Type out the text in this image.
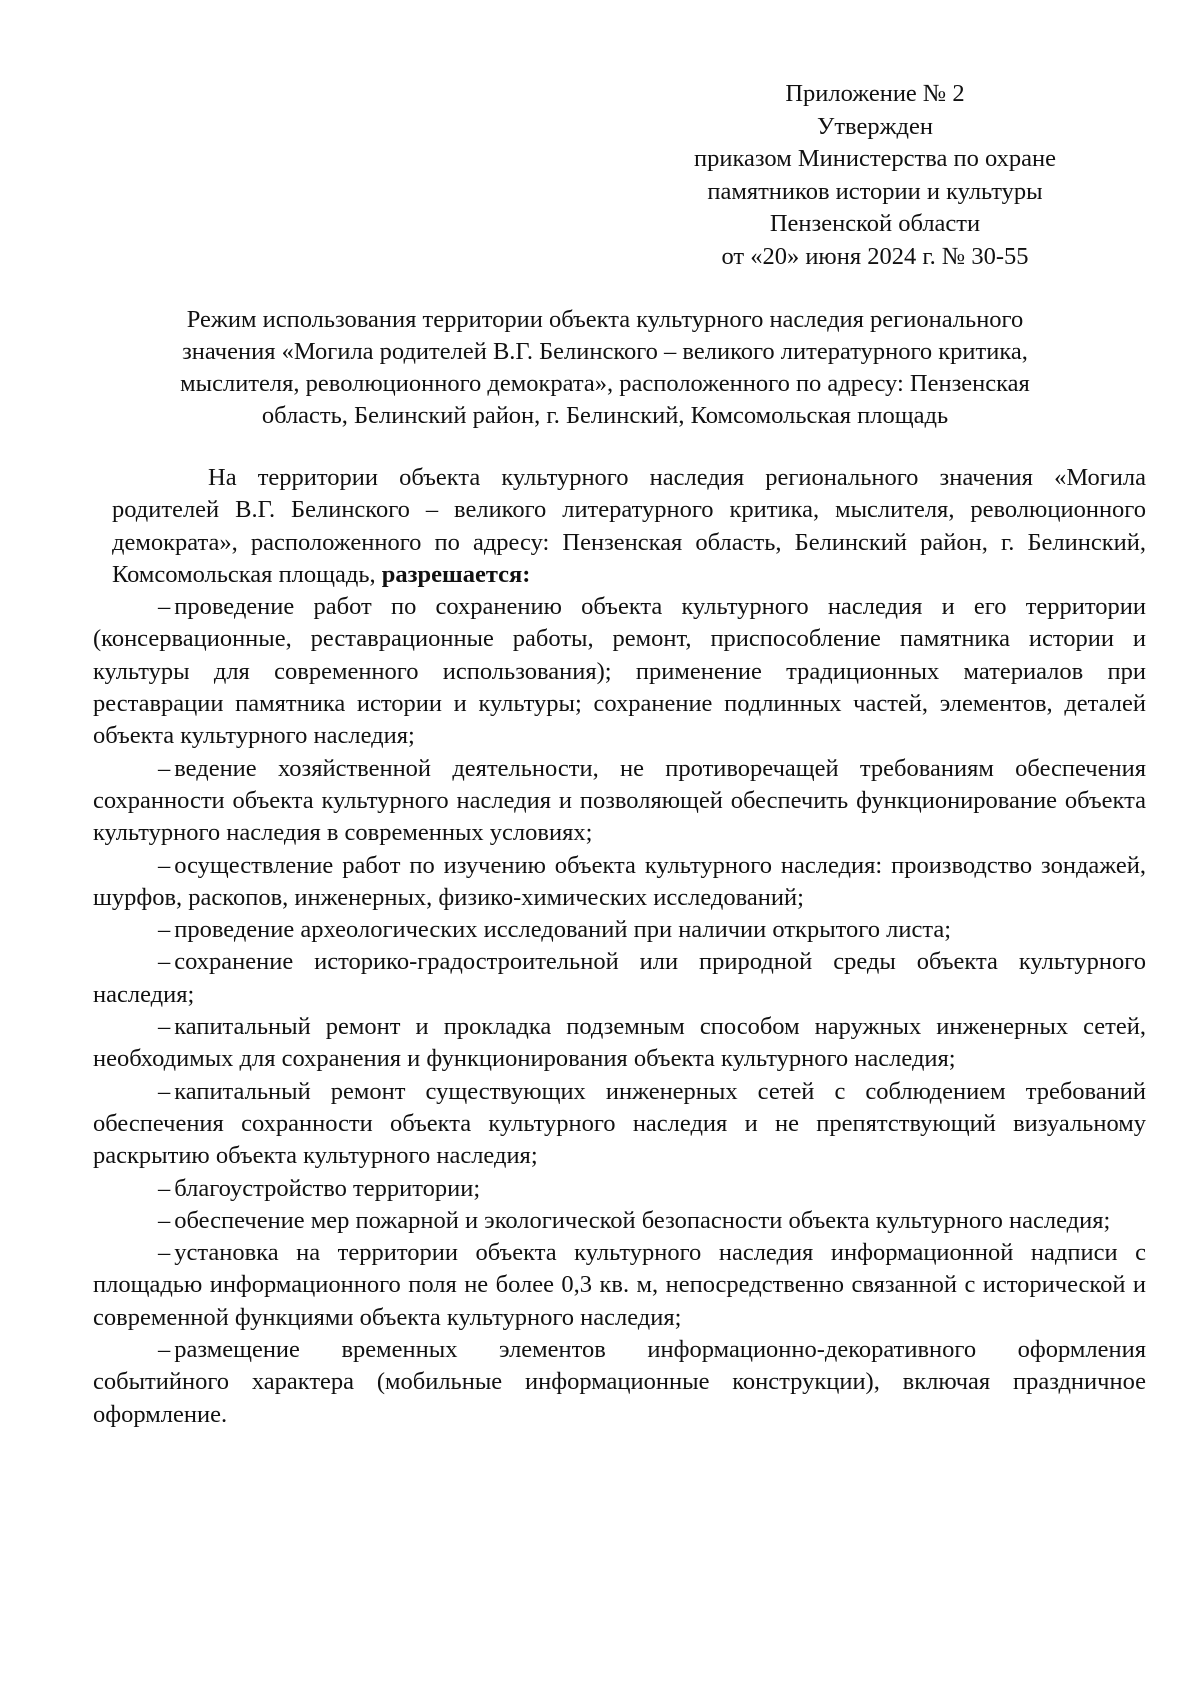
Приложение № 2
Утвержден
приказом Министерства по охране
памятников истории и культуры
Пензенской области
от «20» июня 2024 г. № 30-55
Режим использования территории объекта культурного наследия регионального
значения «Могила родителей В.Г. Белинского – великого литературного критика,
мыслителя, революционного демократа», расположенного по адресу: Пензенская
область, Белинский район, г. Белинский, Комсомольская площадь

На территории объекта культурного наследия регионального значения «Могила родителей В.Г. Белинского – великого литературного критика, мыслителя, революционного демократа», расположенного по адресу: Пензенская область, Белинский район, г. Белинский, Комсомольская площадь, разрешается:

– проведение работ по сохранению объекта культурного наследия и его территории (консервационные, реставрационные работы, ремонт, приспособление памятника истории и культуры для современного использования); применение традиционных материалов при реставрации памятника истории и культуры; сохранение подлинных частей, элементов, деталей объекта культурного наследия;
– ведение хозяйственной деятельности, не противоречащей требованиям обеспечения сохранности объекта культурного наследия и позволяющей обеспечить функционирование объекта культурного наследия в современных условиях;
– осуществление работ по изучению объекта культурного наследия: производство зондажей, шурфов, раскопов, инженерных, физико-химических исследований;
– проведение археологических исследований при наличии открытого листа;
– сохранение историко-градостроительной или природной среды объекта культурного наследия;
– капитальный ремонт и прокладка подземным способом наружных инженерных сетей, необходимых для сохранения и функционирования объекта культурного наследия;
– капитальный ремонт существующих инженерных сетей с соблюдением требований обеспечения сохранности объекта культурного наследия и не препятствующий визуальному раскрытию объекта культурного наследия;
– благоустройство территории;
– обеспечение мер пожарной и экологической безопасности объекта культурного наследия;
– установка на территории объекта культурного наследия информационной надписи с площадью информационного поля не более 0,3 кв. м, непосредственно связанной с исторической и современной функциями объекта культурного наследия;
– размещение временных элементов информационно-декоративного оформления событийного характера (мобильные информационные конструкции), включая праздничное оформление.
